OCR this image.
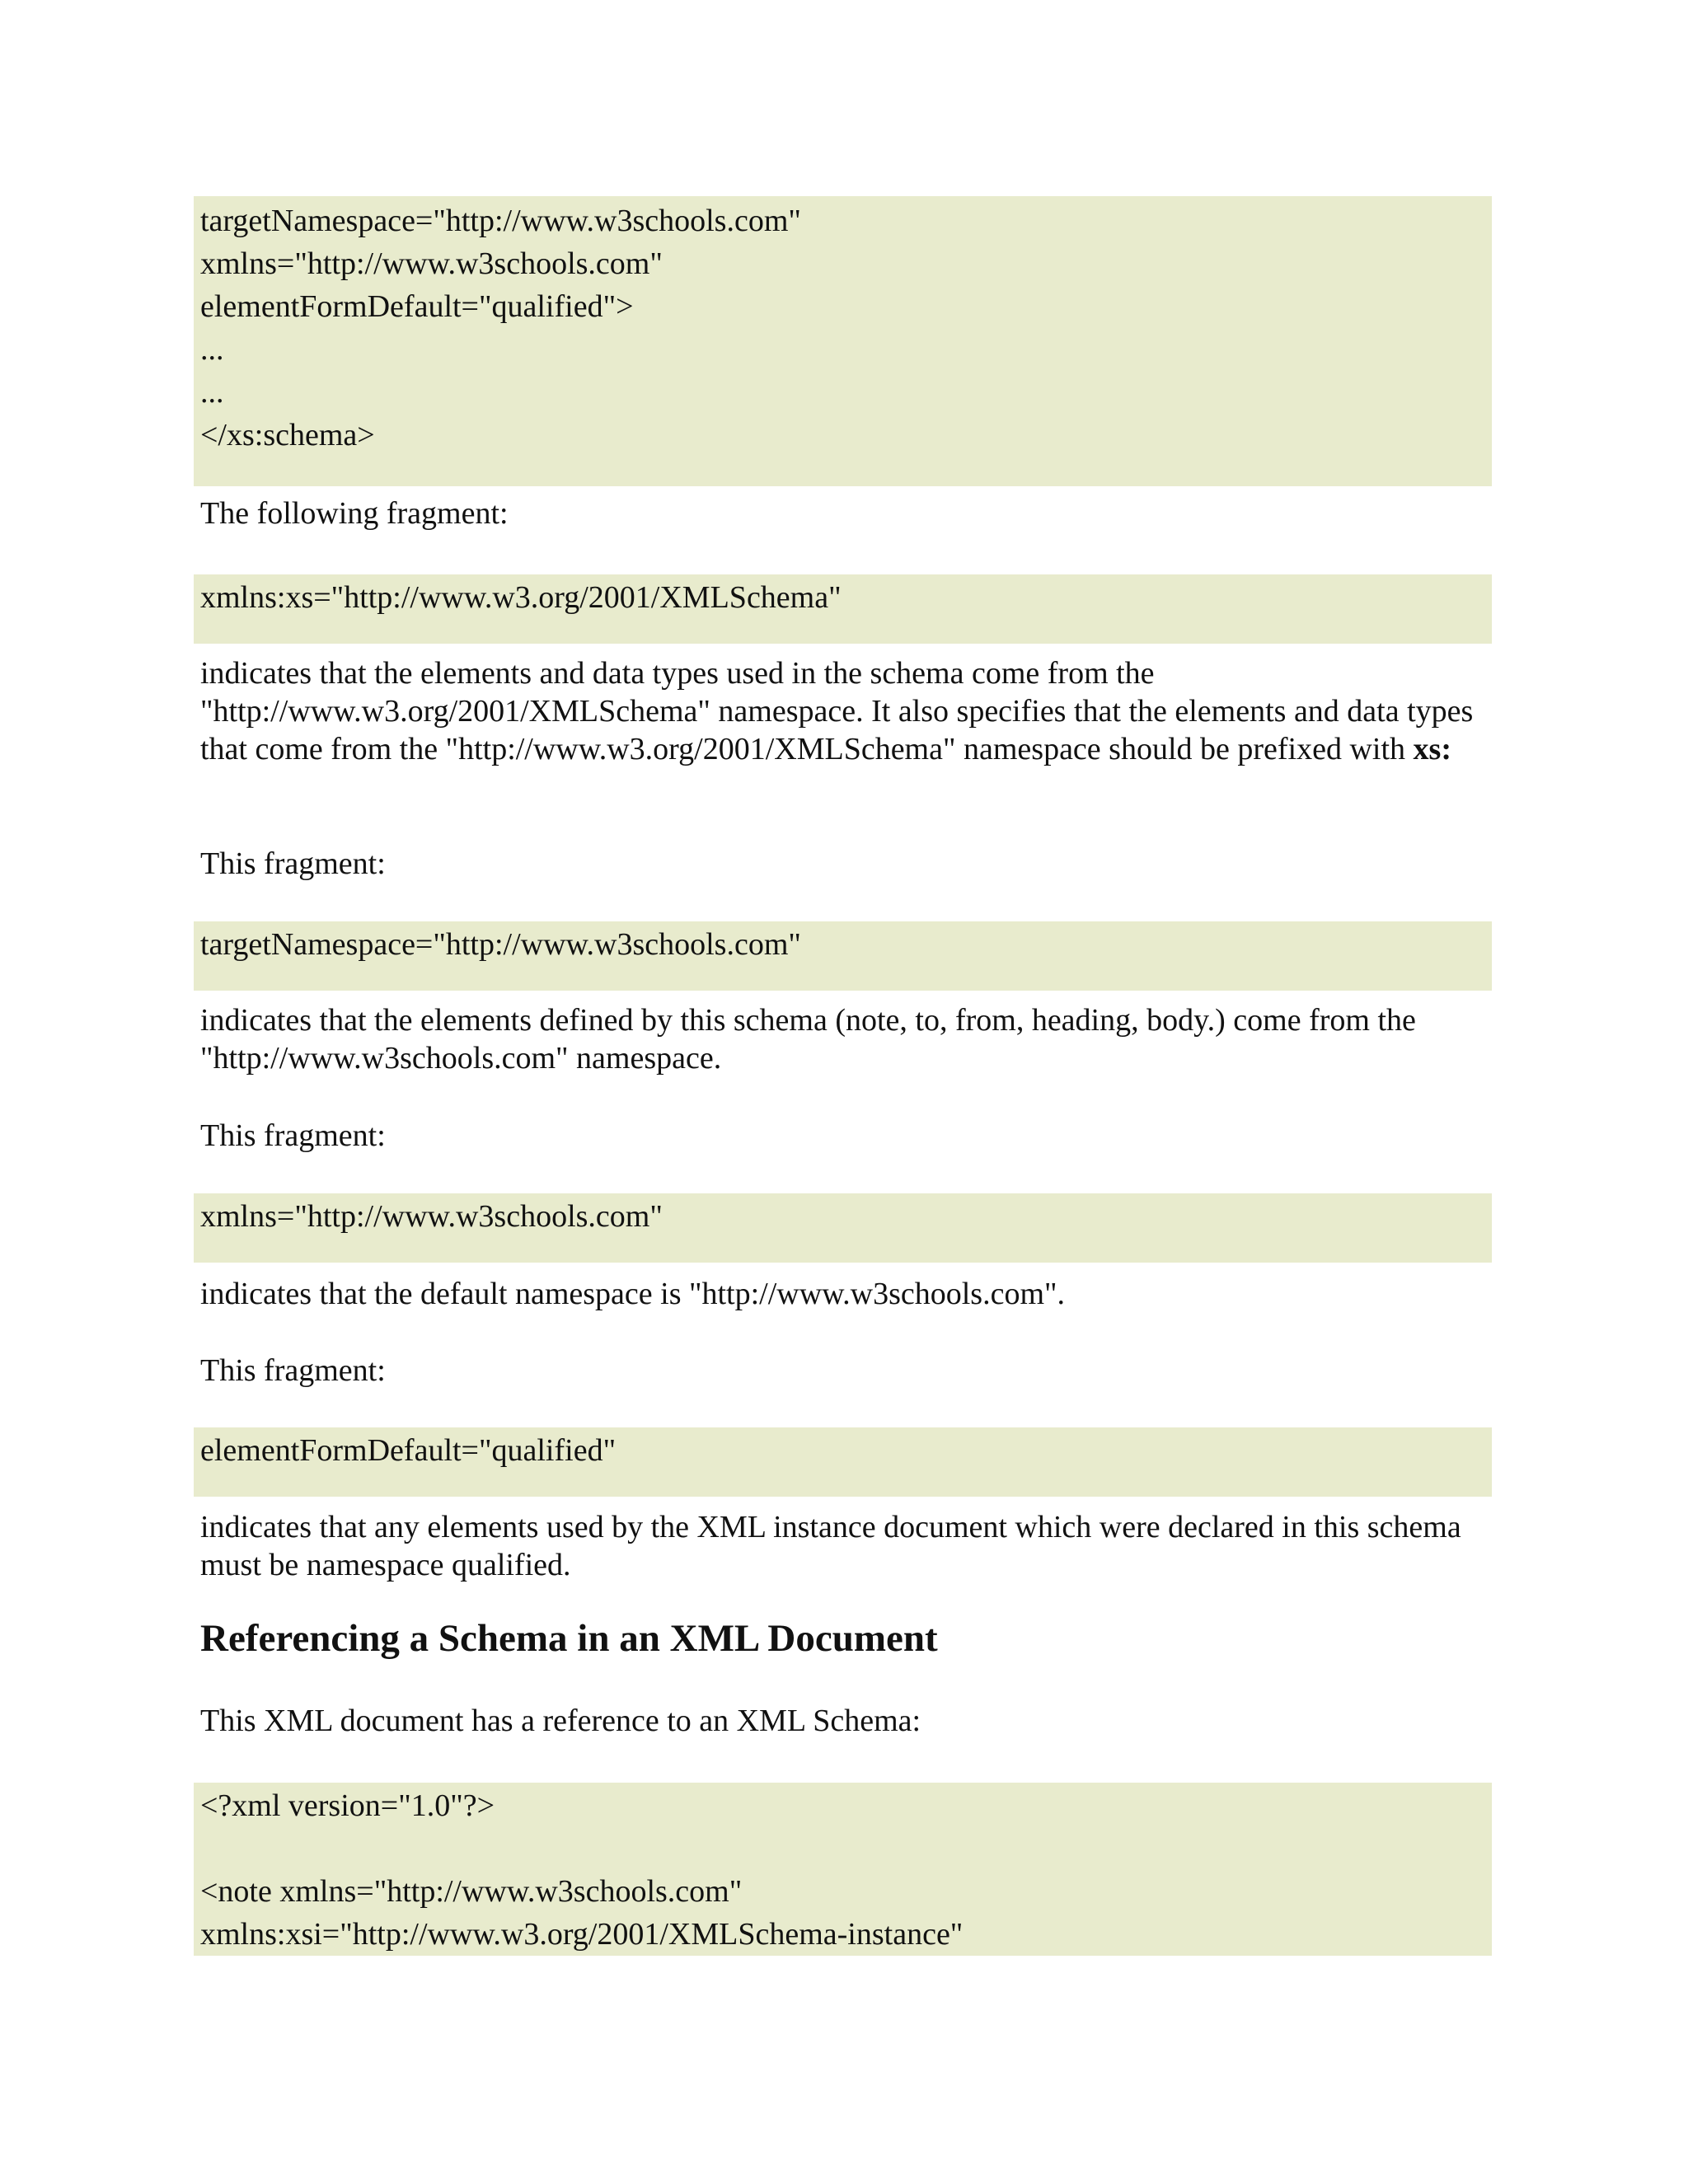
targetNamespace="http://www.w3schools.com"
xmlns="http://www.w3schools.com"
elementFormDefault="qualified">
...
...
</xs:schema>
The following fragment:
xmlns:xs="http://www.w3.org/2001/XMLSchema"
indicates that the elements and data types used in the schema come from the "http://www.w3.org/2001/XMLSchema" namespace. It also specifies that the elements and data types that come from the "http://www.w3.org/2001/XMLSchema" namespace should be prefixed with xs:
This fragment:
targetNamespace="http://www.w3schools.com"
indicates that the elements defined by this schema (note, to, from, heading, body.) come from the "http://www.w3schools.com" namespace.
This fragment:
xmlns="http://www.w3schools.com"
indicates that the default namespace is "http://www.w3schools.com".
This fragment:
elementFormDefault="qualified"
indicates that any elements used by the XML instance document which were declared in this schema must be namespace qualified.
Referencing a Schema in an XML Document
This XML document has a reference to an XML Schema:
<?xml version="1.0"?>
<note xmlns="http://www.w3schools.com"
xmlns:xsi="http://www.w3.org/2001/XMLSchema-instance"
